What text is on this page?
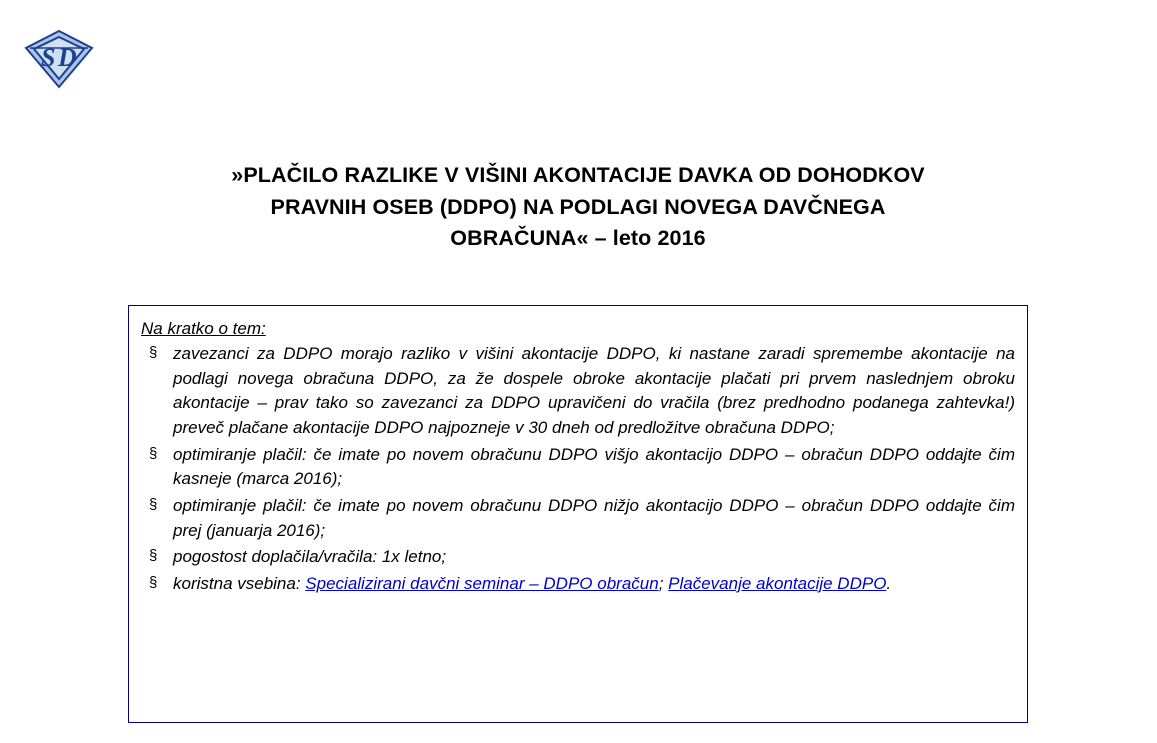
S D
»PLAČILO RAZLIKE V VIŠINI AKONTACIJE DAVKA OD DOHODKOV
PRAVNIH OSEB (DDPO) NA PODLAGI NOVEGA DAVČNEGA
OBRAČUNA« – leto 2016
Na kratko o tem:
§ zavezanci za DDPO morajo razliko v višini akontacije DDPO, ki nastane zaradi spremembe akontacije na podlagi novega obračuna DDPO, za že dospele obroke akontacije plačati pri prvem naslednjem obroku akontacije – prav tako so zavezanci za DDPO upravičeni do vračila (brez predhodno podanega zahtevka!) preveč plačane akontacije DDPO najpozneje v 30 dneh od predložitve obračuna DDPO;
§ optimiranje plačil: če imate po novem obračunu DDPO višjo akontacijo DDPO – obračun DDPO oddajte čim kasneje (marca 2016);
§ optimiranje plačil: če imate po novem obračunu DDPO nižjo akontacijo DDPO – obračun DDPO oddajte čim prej (januarja 2016);
§ pogostost doplačila/vračila: 1x letno;
§ koristna vsebina: Specializirani davčni seminar – DDPO obračun; Plačevanje akontacije DDPO.
